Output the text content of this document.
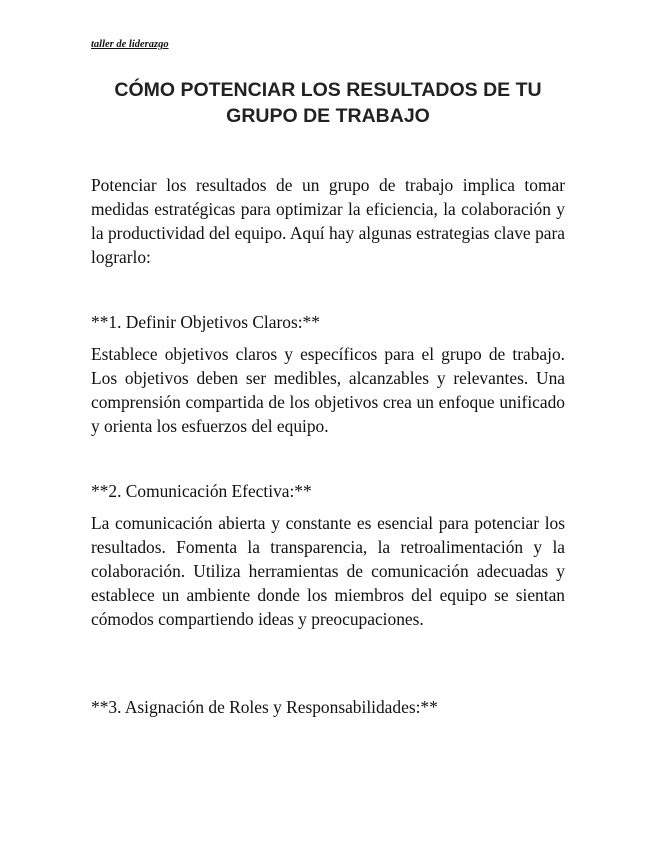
taller de liderazgo
CÓMO POTENCIAR LOS RESULTADOS DE TU GRUPO DE TRABAJO

Potenciar los resultados de un grupo de trabajo implica tomar medidas estratégicas para optimizar la eficiencia, la colaboración y la productividad del equipo. Aquí hay algunas estrategias clave para lograrlo:

**1. Definir Objetivos Claros:**

Establece objetivos claros y específicos para el grupo de trabajo. Los objetivos deben ser medibles, alcanzables y relevantes. Una comprensión compartida de los objetivos crea un enfoque unificado y orienta los esfuerzos del equipo.

**2. Comunicación Efectiva:**

La comunicación abierta y constante es esencial para potenciar los resultados. Fomenta la transparencia, la retroalimentación y la colaboración. Utiliza herramientas de comunicación adecuadas y establece un ambiente donde los miembros del equipo se sientan cómodos compartiendo ideas y preocupaciones.

**3. Asignación de Roles y Responsabilidades:**
